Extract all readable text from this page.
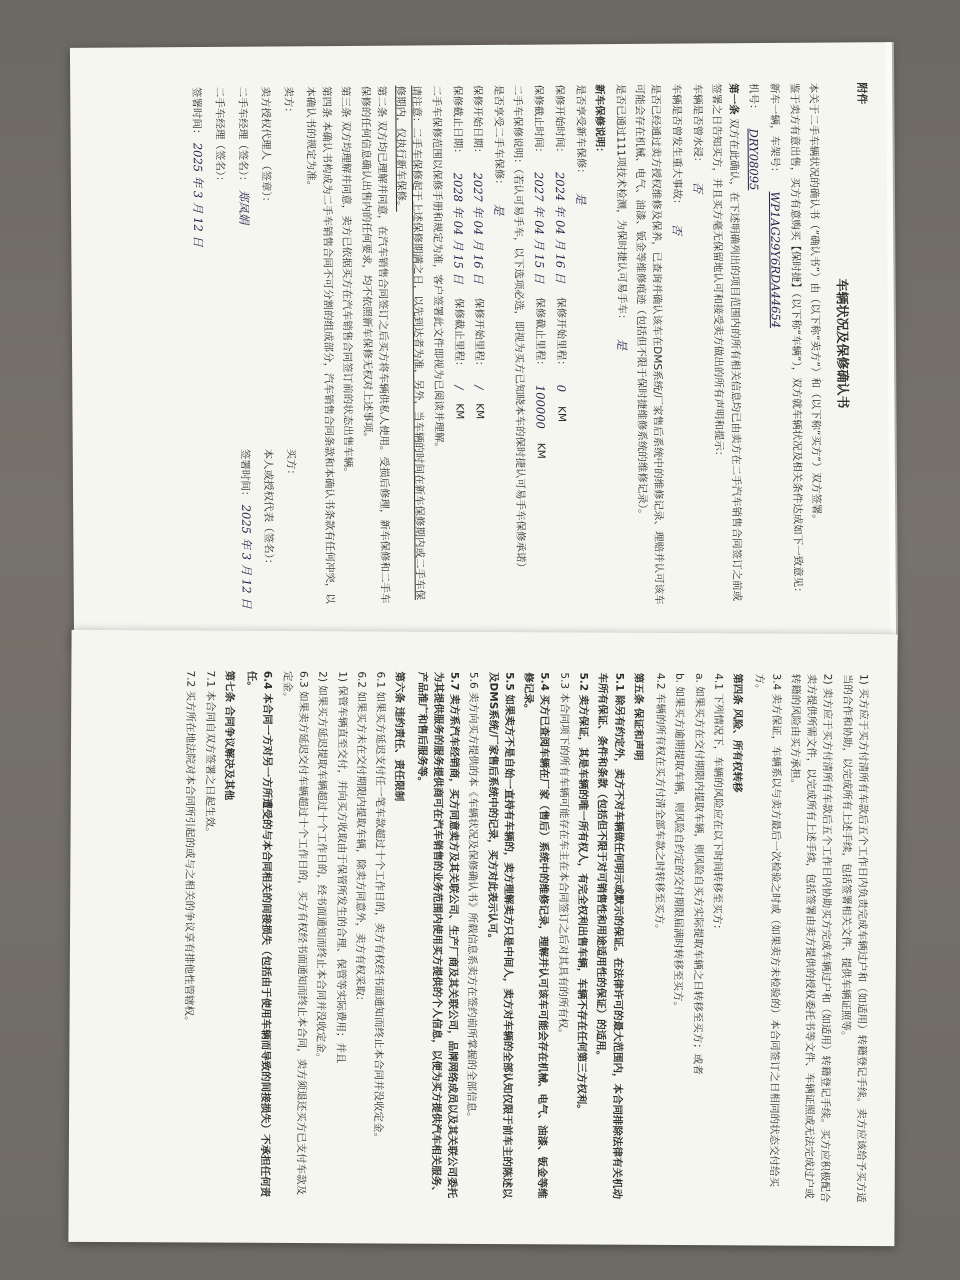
附件
车辆状况及保修确认书

本关于二手车辆状况的确认书（“确认书”）由（以下称“卖方”）和（以下称“买方”）双方签署。

鉴于卖方有意出售，买方有意购买【保时捷】（以下称“车辆”），双方就车辆状况及相关条件达成如下一致意见：

新车一辆，车架号：
WP1AG29Y6RDA44654
机号：
DRY08095

第一条 双方在此确认，在下述明确列出的项目范围内的所有相关信息均已由卖方在二手汽车销售合同签订之前或签署之日告知买方，并且买方毫无保留地认可和接受卖方做出的所有声明和提示：

车辆是否曾水浸：
否
车辆是否曾发生重大事故：
否

是否已经通过卖方授权维修及保养，已查询并确认该车在DMS系统/厂家售后系统中的维修记录、理赔并认可该车可能会存在机械、电气、油漆、钣金等维修痕迹（包括但不限于保时捷维修系统的维修记录）。

是否已通过111项技术检测，为保时捷认可易手车：
是

新车保修说明：

是否享受新车保修：
是
保修开始时间：
2024 年 04 月 16 日
保修开始里程：
0
KM
保修截止时间：
2027 年 04 月 15 日
保修截止里程：
100000
KM

二手车保修说明：（若认可易手车，以下选项必选，即视为买方已知晓本车的保时捷认可易手车保修承诺）

是否享受二手车保修：
是
保修开始日期：
2027 年 04 月 16 日
保修开始里程：
/
KM
保修截止日期：
2028 年 04 月 15 日
保修截止里程：
/
KM

二手车保修范围以保修手册和规定为准，客户签署此文件即视为已阅读并理解。

请注意：二手车保修起于上述保修期满之日，以先到达者为准，另外，当车辆的时间在新车保修期内或二手车保修期内，仅执行新车保修。

第二条 双方均已理解并同意，在汽车销售合同签订之后买方将车辆供私人使用。受损后修理，新车保修和二手车保修的任何信息确认出售内的任何要求，均不依照新车保修无权对上述事项。

第三条 双方均理解并同意，卖方已依据买方在汽车销售合同签订前的状态出售车辆。

第四条 本确认书构成为二手车销售合同不可分割的组成部分，汽车销售合同条款和本确认书条款有任何冲突，以本确认书的规定为准。

卖方：

卖方授权代理人（签章）：

二手车经理（签名）： 郑凤娟

二手车经理（签名）：

签署时间： 2025 年 3 月 12 日

买方：

本人或授权代表（签名）：

签署时间： 2025 年 3 月 12 日

1) 买方应于买方付清所有车款后五个工作日内负责完成车辆过户和（如适用）转籍登记手续。卖方应该给予买方适当的合作和协助，以完成所有上述手续，包括签署相关文件、提供车辆证照等。

2) 卖方应于买方付清所有车款后五个工作日内协助买方完成车辆过户和（如适用）转籍登记手续。买方应积极配合卖方提供所需文件，以完成所有上述手续，包括签署由卖方提供的授权委托书等文件、车辆证照或无法完成过户或转籍的风险由买方承担。

3.4 卖方保证，车辆系以与卖方最后一次检验之时或（如果卖方未检验的）本合同签订之日相同的状态交付给买方。

第四条 风险、所有权转移

4.1 下列情况下，车辆的风险应在以下时间转移至买方：

a. 如果买方在交付期限内提取车辆，则风险自买方实际提取车辆之日转移至买方；或者

b. 如果买方逾期提取车辆，则风险自约定的交付期限届满时转移至买方。

4.2 车辆的所有权在买方付清全部车款之时转移至买方。

第五条 保证和声明

5.1 除另有约定外，卖方不对车辆做任何明示或默示的保证。在法律许可的最大范围内，本合同排除法律有关机动车所有保证、条件和条款（包括但不限于对可销售性和用途适用性的保证）的适用。

5.2 卖方保证，其是车辆的唯一所有权人，有完全权利出售车辆，车辆不存在任何第三方权利。

5.3 本合同项下的所有车辆可能存在车主在本合同签订之后对其具有的所有权。

5.4 买方已查阅车辆在厂家（售后）系统中的维修记录，理解并认可该车可能会存在机械、电气、油漆、钣金等维修记录。

5.5 如果卖方不是自始一直持有车辆的，卖方理解卖方只是中间人，卖方对车辆的全部认知仅限于前车主的陈述以及DMS系统/厂家售后系统中的记录，买方对此表示认可。

5.6 卖方向买方提供的本《车辆状况及保修确认书》所载信息系卖方在签约前所掌握的全部信息。

5.7 卖方系汽车经销商，买方同意卖方及其关联公司、生产厂商及其关联公司，品牌网络成员以及其关联公司委托为其提供服务的服务提供商可在汽车销售的业务范围内使用买方提供的个人信息，以便为买方提供汽车相关服务、产品推广和售后服务等。

第六条 违约责任、责任限制

6.1 如果买方延迟支付任一笔车款超过十个工作日的，卖方有权经书面通知而终止本合同并没收定金。

6.2 如果买方未在交付期限内提取车辆，除卖方同意外，卖方有权采取：

1) 保管车辆直至交付，并向买方收取由于保管所发生的合理、保管等实际费用；并且

2) 如果买方延迟提取车辆超过十个工作日的，经书面通知而终止本合同并没收定金。

6.3 如果卖方延迟交付车辆超过十个工作日的，买方有权经书面通知而终止本合同，卖方须退还买方已支付车款及定金。

6.4 本合同一方对另一方所遭受的与本合同相关的间接损失（包括由于使用车辆而导致的间接损失）不承担任何责任。

第七条 合同争议解决及其他

7.1 本合同自双方签署之日起生效。

7.2 买方所在地法院对本合同所引起的或与之相关的争议享有排他性管辖权。
